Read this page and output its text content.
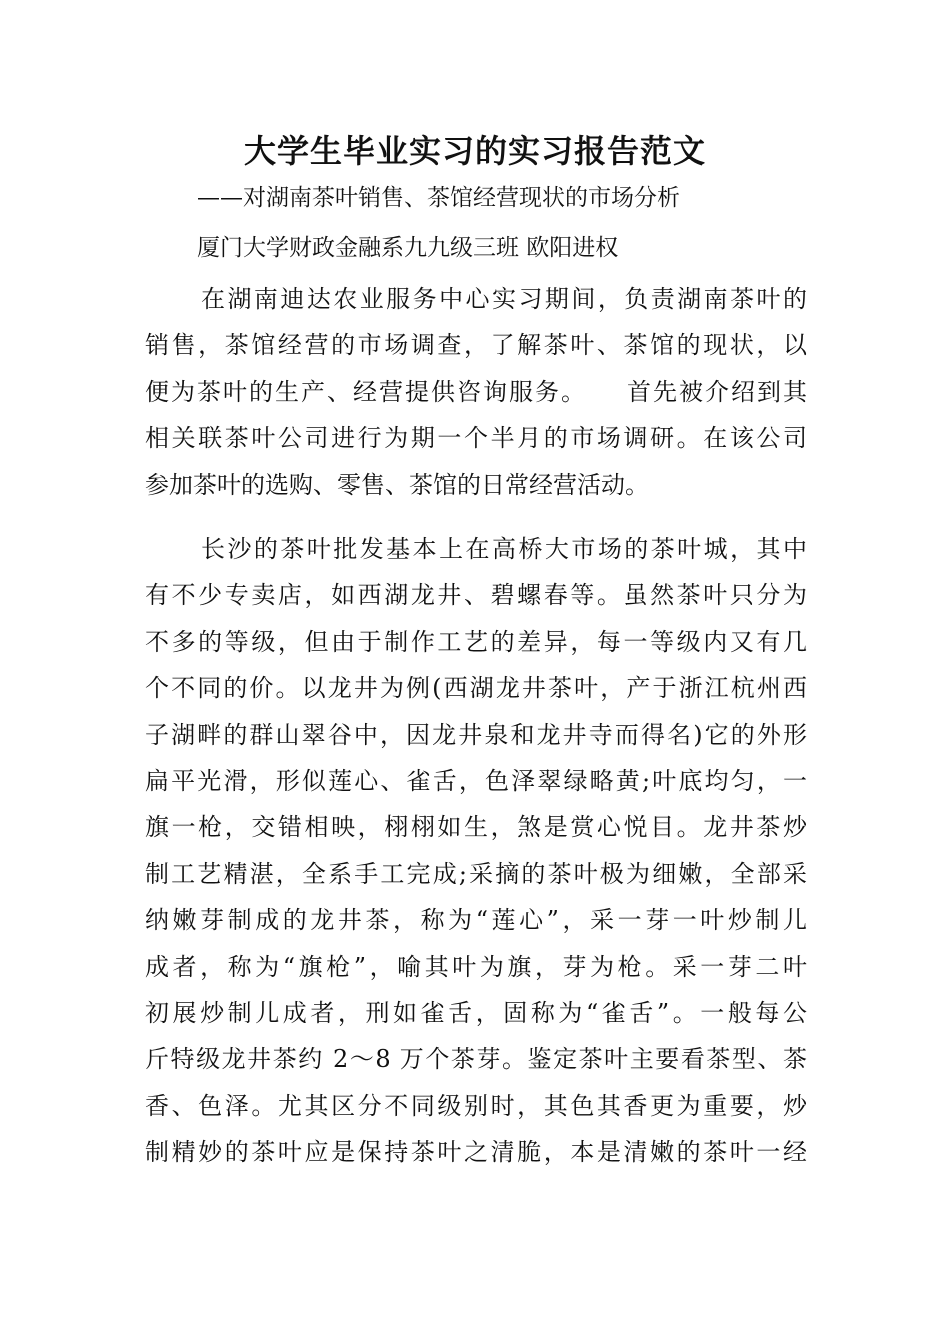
大学生毕业实习的实习报告范文
——对湖南茶叶销售、茶馆经营现状的市场分析
厦门大学财政金融系九九级三班 欧阳进权
在湖南迪达农业服务中心实习期间，负责湖南茶叶的
销售，茶馆经营的市场调查，了解茶叶、茶馆的现状，以
便为茶叶的生产、经营提供咨询服务。　　首先被介绍到其
相关联茶叶公司进行为期一个半月的市场调研。在该公司
参加茶叶的选购、零售、茶馆的日常经营活动。
长沙的茶叶批发基本上在高桥大市场的茶叶城，其中
有不少专卖店，如西湖龙井、碧螺春等。虽然茶叶只分为
不多的等级，但由于制作工艺的差异，每一等级内又有几
个不同的价。以龙井为例(西湖龙井茶叶，产于浙江杭州西
子湖畔的群山翠谷中，因龙井泉和龙井寺而得名)它的外形
扁平光滑，形似莲心、雀舌，色泽翠绿略黄;叶底均匀，一
旗一枪，交错相映，栩栩如生，煞是赏心悦目。龙井茶炒
制工艺精湛，全系手工完成;采摘的茶叶极为细嫩，全部采
纳嫩芽制成的龙井茶，称为“莲心”，采一芽一叶炒制儿
成者，称为“旗枪”，喻其叶为旗，芽为枪。采一芽二叶
初展炒制儿成者，刑如雀舌，固称为“雀舌”。一般每公
斤特级龙井茶约 2～8 万个茶芽。鉴定茶叶主要看茶型、茶
香、色泽。尤其区分不同级别时，其色其香更为重要，炒
制精妙的茶叶应是保持茶叶之清脆，本是清嫩的茶叶一经
